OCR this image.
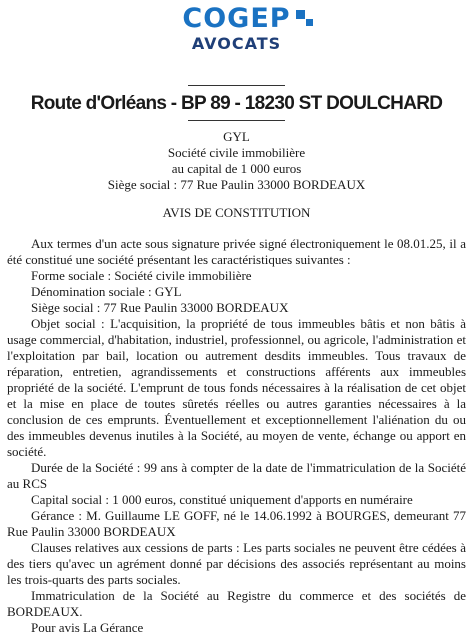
COGEP
AVOCATS
Route d'Orléans - BP 89 - 18230 ST DOULCHARD

GYL

Société civile immobilière

au capital de 1 000 euros

Siège social : 77 Rue Paulin 33000 BORDEAUX

AVIS DE CONSTITUTION

Aux termes d'un acte sous signature privée signé électroniquement le 08.01.25, il a été constitué une société présentant les caractéristiques suivantes :

Forme sociale : Société civile immobilière

Dénomination sociale : GYL

Siège social : 77 Rue Paulin 33000 BORDEAUX

Objet social : L'acquisition, la propriété de tous immeubles bâtis et non bâtis à usage commercial, d'habitation, industriel, professionnel, ou agricole, l'administration et l'exploitation par bail, location ou autrement desdits immeubles. Tous travaux de réparation, entretien, agrandissements et constructions afférents aux immeubles propriété de la société. L'emprunt de tous fonds nécessaires à la réalisation de cet objet et la mise en place de toutes sûretés réelles ou autres garanties nécessaires à la conclusion de ces emprunts. Éventuellement et exceptionnellement l'aliénation du ou des immeubles devenus inutiles à la Société, au moyen de vente, échange ou apport en société.

Durée de la Société : 99 ans à compter de la date de l'immatriculation de la Société au RCS

Capital social : 1 000 euros, constitué uniquement d'apports en numéraire

Gérance : M. Guillaume LE GOFF, né le 14.06.1992 à BOURGES, demeurant 77 Rue Paulin 33000 BORDEAUX

Clauses relatives aux cessions de parts : Les parts sociales ne peuvent être cédées à des tiers qu'avec un agrément donné par décisions des associés représentant au moins les trois-quarts des parts sociales.

Immatriculation de la Société au Registre du commerce et des sociétés de BORDEAUX.

Pour avis La Gérance
